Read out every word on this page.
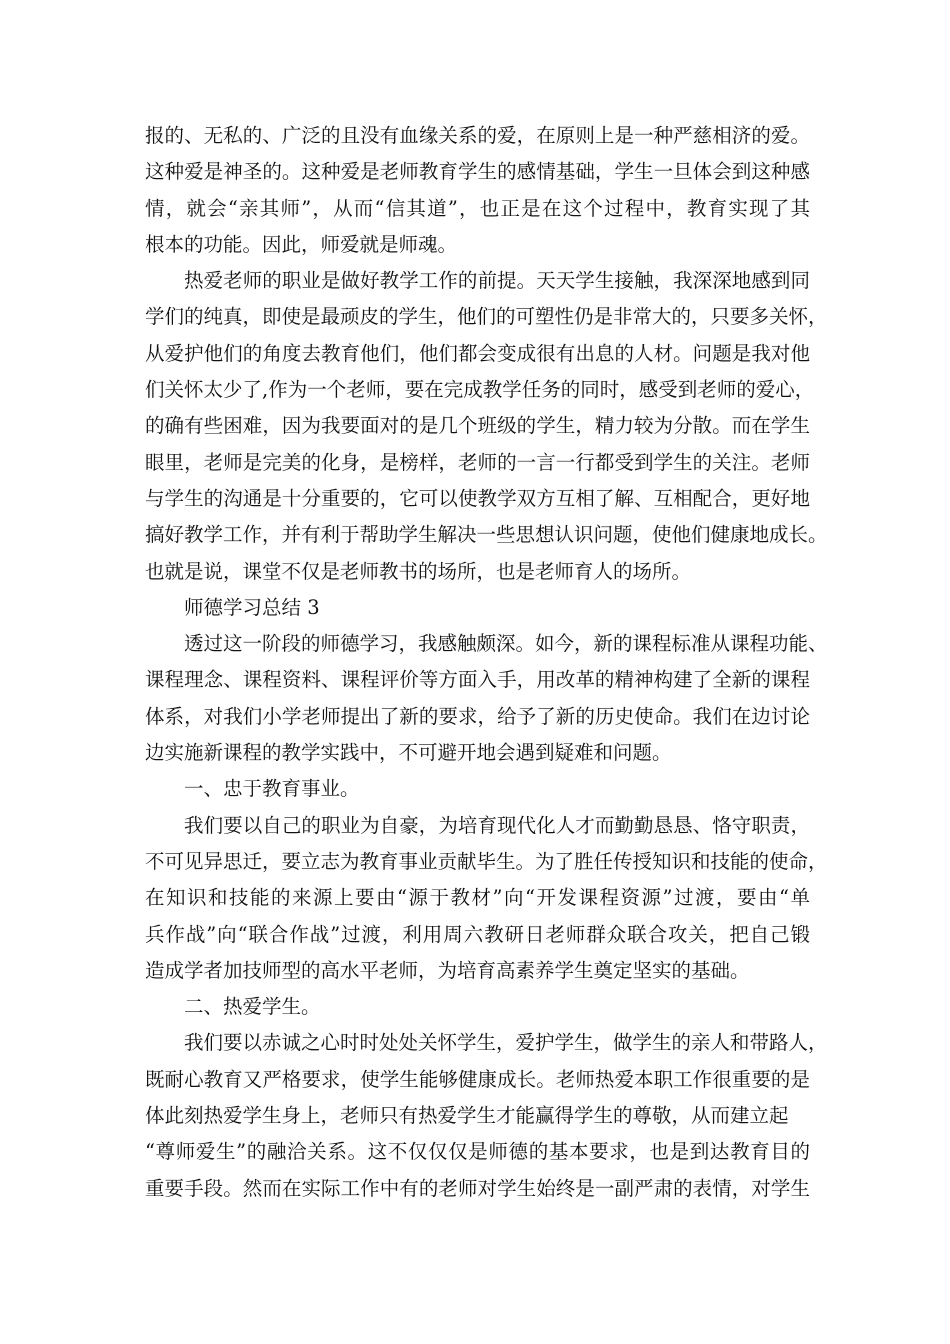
报的、无私的、广泛的且没有血缘关系的爱，在原则上是一种严慈相济的爱。
这种爱是神圣的。这种爱是老师教育学生的感情基础，学生一旦体会到这种感
情，就会“亲其师”，从而“信其道”，也正是在这个过程中，教育实现了其
根本的功能。因此，师爱就是师魂。
热爱老师的职业是做好教学工作的前提。天天学生接触，我深深地感到同
学们的纯真，即使是最顽皮的学生，他们的可塑性仍是非常大的，只要多关怀，
从爱护他们的角度去教育他们，他们都会变成很有出息的人材。问题是我对他
们关怀太少了,作为一个老师，要在完成教学任务的同时，感受到老师的爱心，
的确有些困难，因为我要面对的是几个班级的学生，精力较为分散。而在学生
眼里，老师是完美的化身，是榜样，老师的一言一行都受到学生的关注。老师
与学生的沟通是十分重要的，它可以使教学双方互相了解、互相配合，更好地
搞好教学工作，并有利于帮助学生解决一些思想认识问题，使他们健康地成长。
也就是说，课堂不仅是老师教书的场所，也是老师育人的场所。
师德学习总结 3
透过这一阶段的师德学习，我感触颇深。如今，新的课程标准从课程功能、
课程理念、课程资料、课程评价等方面入手，用改革的精神构建了全新的课程
体系，对我们小学老师提出了新的要求，给予了新的历史使命。我们在边讨论
边实施新课程的教学实践中，不可避开地会遇到疑难和问题。
一、忠于教育事业。
我们要以自己的职业为自豪，为培育现代化人才而勤勤恳恳、恪守职责，
不可见异思迁，要立志为教育事业贡献毕生。为了胜任传授知识和技能的使命，
在知识和技能的来源上要由“源于教材”向“开发课程资源”过渡，要由“单
兵作战”向“联合作战”过渡，利用周六教研日老师群众联合攻关，把自己锻
造成学者加技师型的高水平老师，为培育高素养学生奠定坚实的基础。
二、热爱学生。
我们要以赤诚之心时时处处关怀学生，爱护学生，做学生的亲人和带路人，
既耐心教育又严格要求，使学生能够健康成长。老师热爱本职工作很重要的是
体此刻热爱学生身上，老师只有热爱学生才能赢得学生的尊敬，从而建立起
“尊师爱生”的融洽关系。这不仅仅仅是师德的基本要求，也是到达教育目的
重要手段。然而在实际工作中有的老师对学生始终是一副严肃的表情，对学生
